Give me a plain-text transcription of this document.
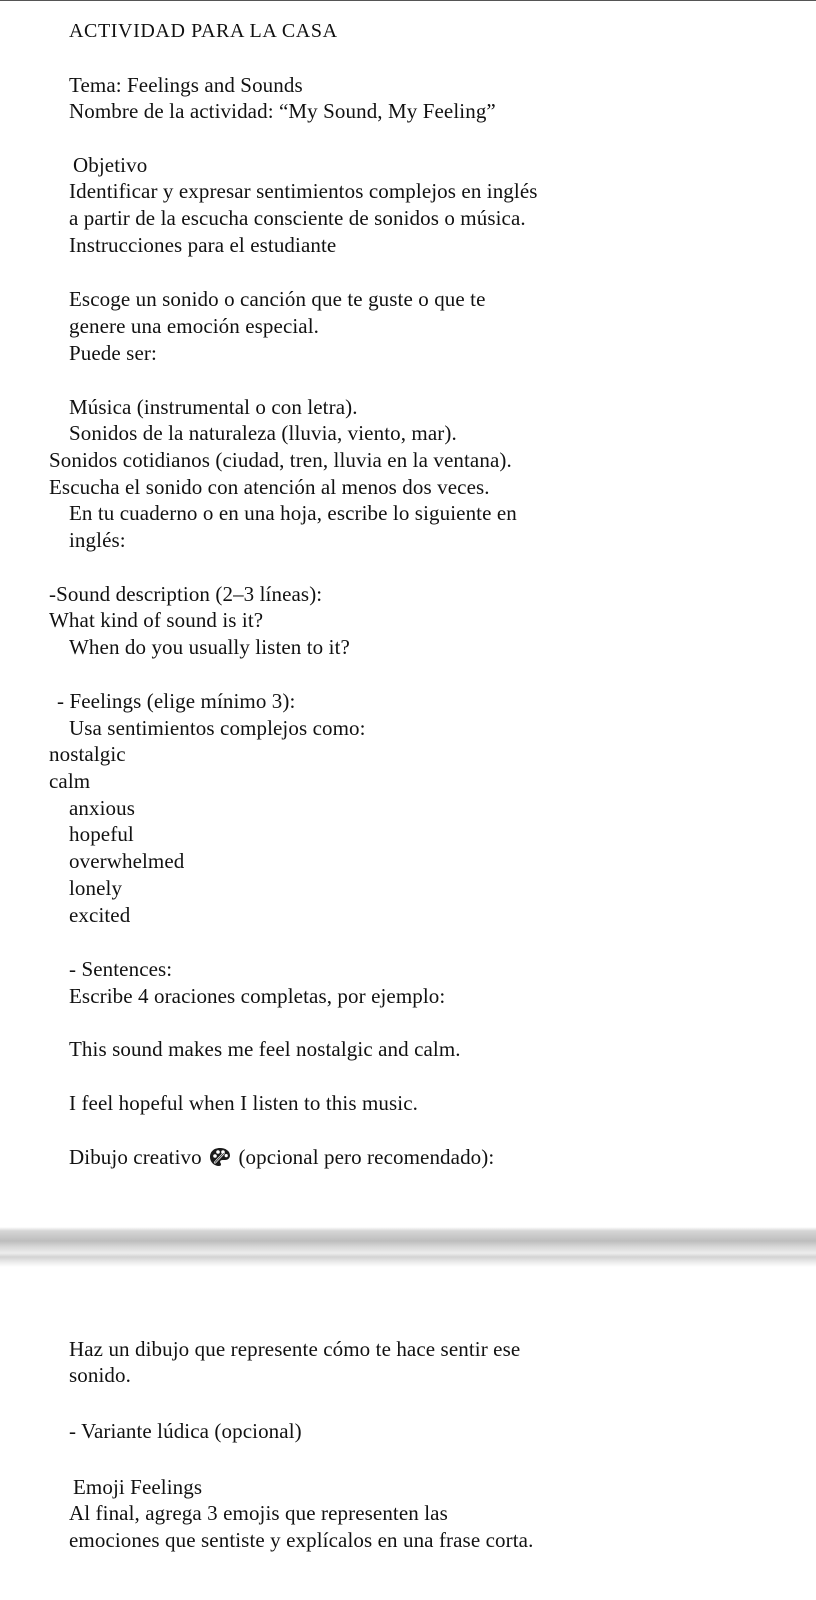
ACTIVIDAD PARA LA CASA
Tema: Feelings and Sounds
Nombre de la actividad: “My Sound, My Feeling”
Objetivo
Identificar y expresar sentimientos complejos en inglés
a partir de la escucha consciente de sonidos o música.
Instrucciones para el estudiante
Escoge un sonido o canción que te guste o que te
genere una emoción especial.
Puede ser:
Música (instrumental o con letra).
Sonidos de la naturaleza (lluvia, viento, mar).
Sonidos cotidianos (ciudad, tren, lluvia en la ventana).
Escucha el sonido con atención al menos dos veces.
En tu cuaderno o en una hoja, escribe lo siguiente en
inglés:
-Sound description (2–3 líneas):
What kind of sound is it?
When do you usually listen to it?
- Feelings (elige mínimo 3):
Usa sentimientos complejos como:
nostalgic
calm
anxious
hopeful
overwhelmed
lonely
excited
- Sentences:
Escribe 4 oraciones completas, por ejemplo:
This sound makes me feel nostalgic and calm.
I feel hopeful when I listen to this music.
Dibujo creativo (opcional pero recomendado):
Haz un dibujo que represente cómo te hace sentir ese
sonido.
- Variante lúdica (opcional)
Emoji Feelings
Al final, agrega 3 emojis que representen las
emociones que sentiste y explícalos en una frase corta.
